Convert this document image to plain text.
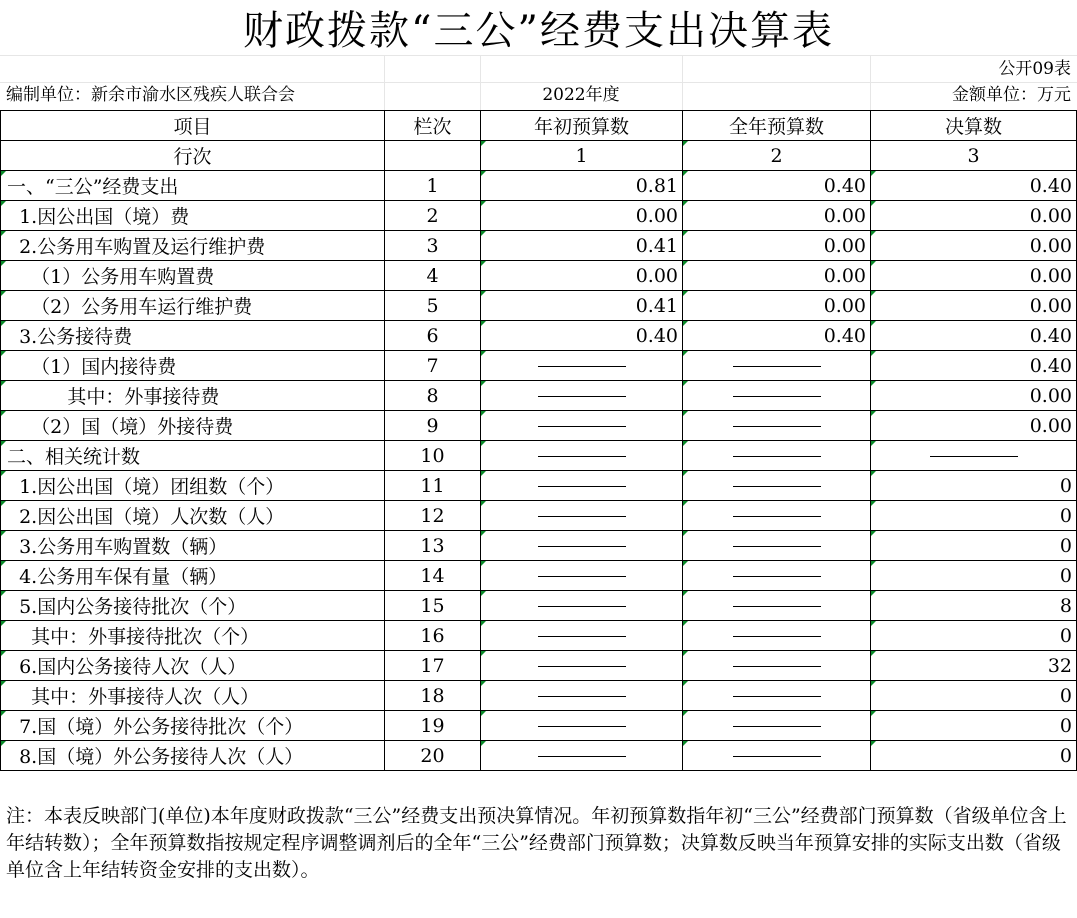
财政拨款“三公”经费支出决算表
公开09表
编制单位：新余市渝水区残疾人联合会	2022年度	金额单位：万元
项目	栏次	年初预算数	全年预算数	决算数
行次		1	2	3
一、“三公”经费支出	1	0.81	0.40	0.40
1.因公出国（境）费	2	0.00	0.00	0.00
2.公务用车购置及运行维护费	3	0.41	0.00	0.00
（1）公务用车购置费	4	0.00	0.00	0.00
（2）公务用车运行维护费	5	0.41	0.00	0.00
3.公务接待费	6	0.40	0.40	0.40
（1）国内接待费	7			0.40
其中：外事接待费	8			0.00
（2）国（境）外接待费	9			0.00
二、相关统计数	10			
1.因公出国（境）团组数（个）	11			0
2.因公出国（境）人次数（人）	12			0
3.公务用车购置数（辆）	13			0
4.公务用车保有量（辆）	14			0
5.国内公务接待批次（个）	15			8
其中：外事接待批次（个）	16			0
6.国内公务接待人次（人）	17			32
其中：外事接待人次（人）	18			0
7.国（境）外公务接待批次（个）	19			0
8.国（境）外公务接待人次（人）	20			0
注：本表反映部门(单位)本年度财政拨款“三公”经费支出预决算情况。年初预算数指年初“三公”经费部门预算数（省级单位含上年结转数）；全年预算数指按规定程序调整调剂后的全年“三公”经费部门预算数；决算数反映当年预算安排的实际支出数（省级单位含上年结转资金安排的支出数）。
